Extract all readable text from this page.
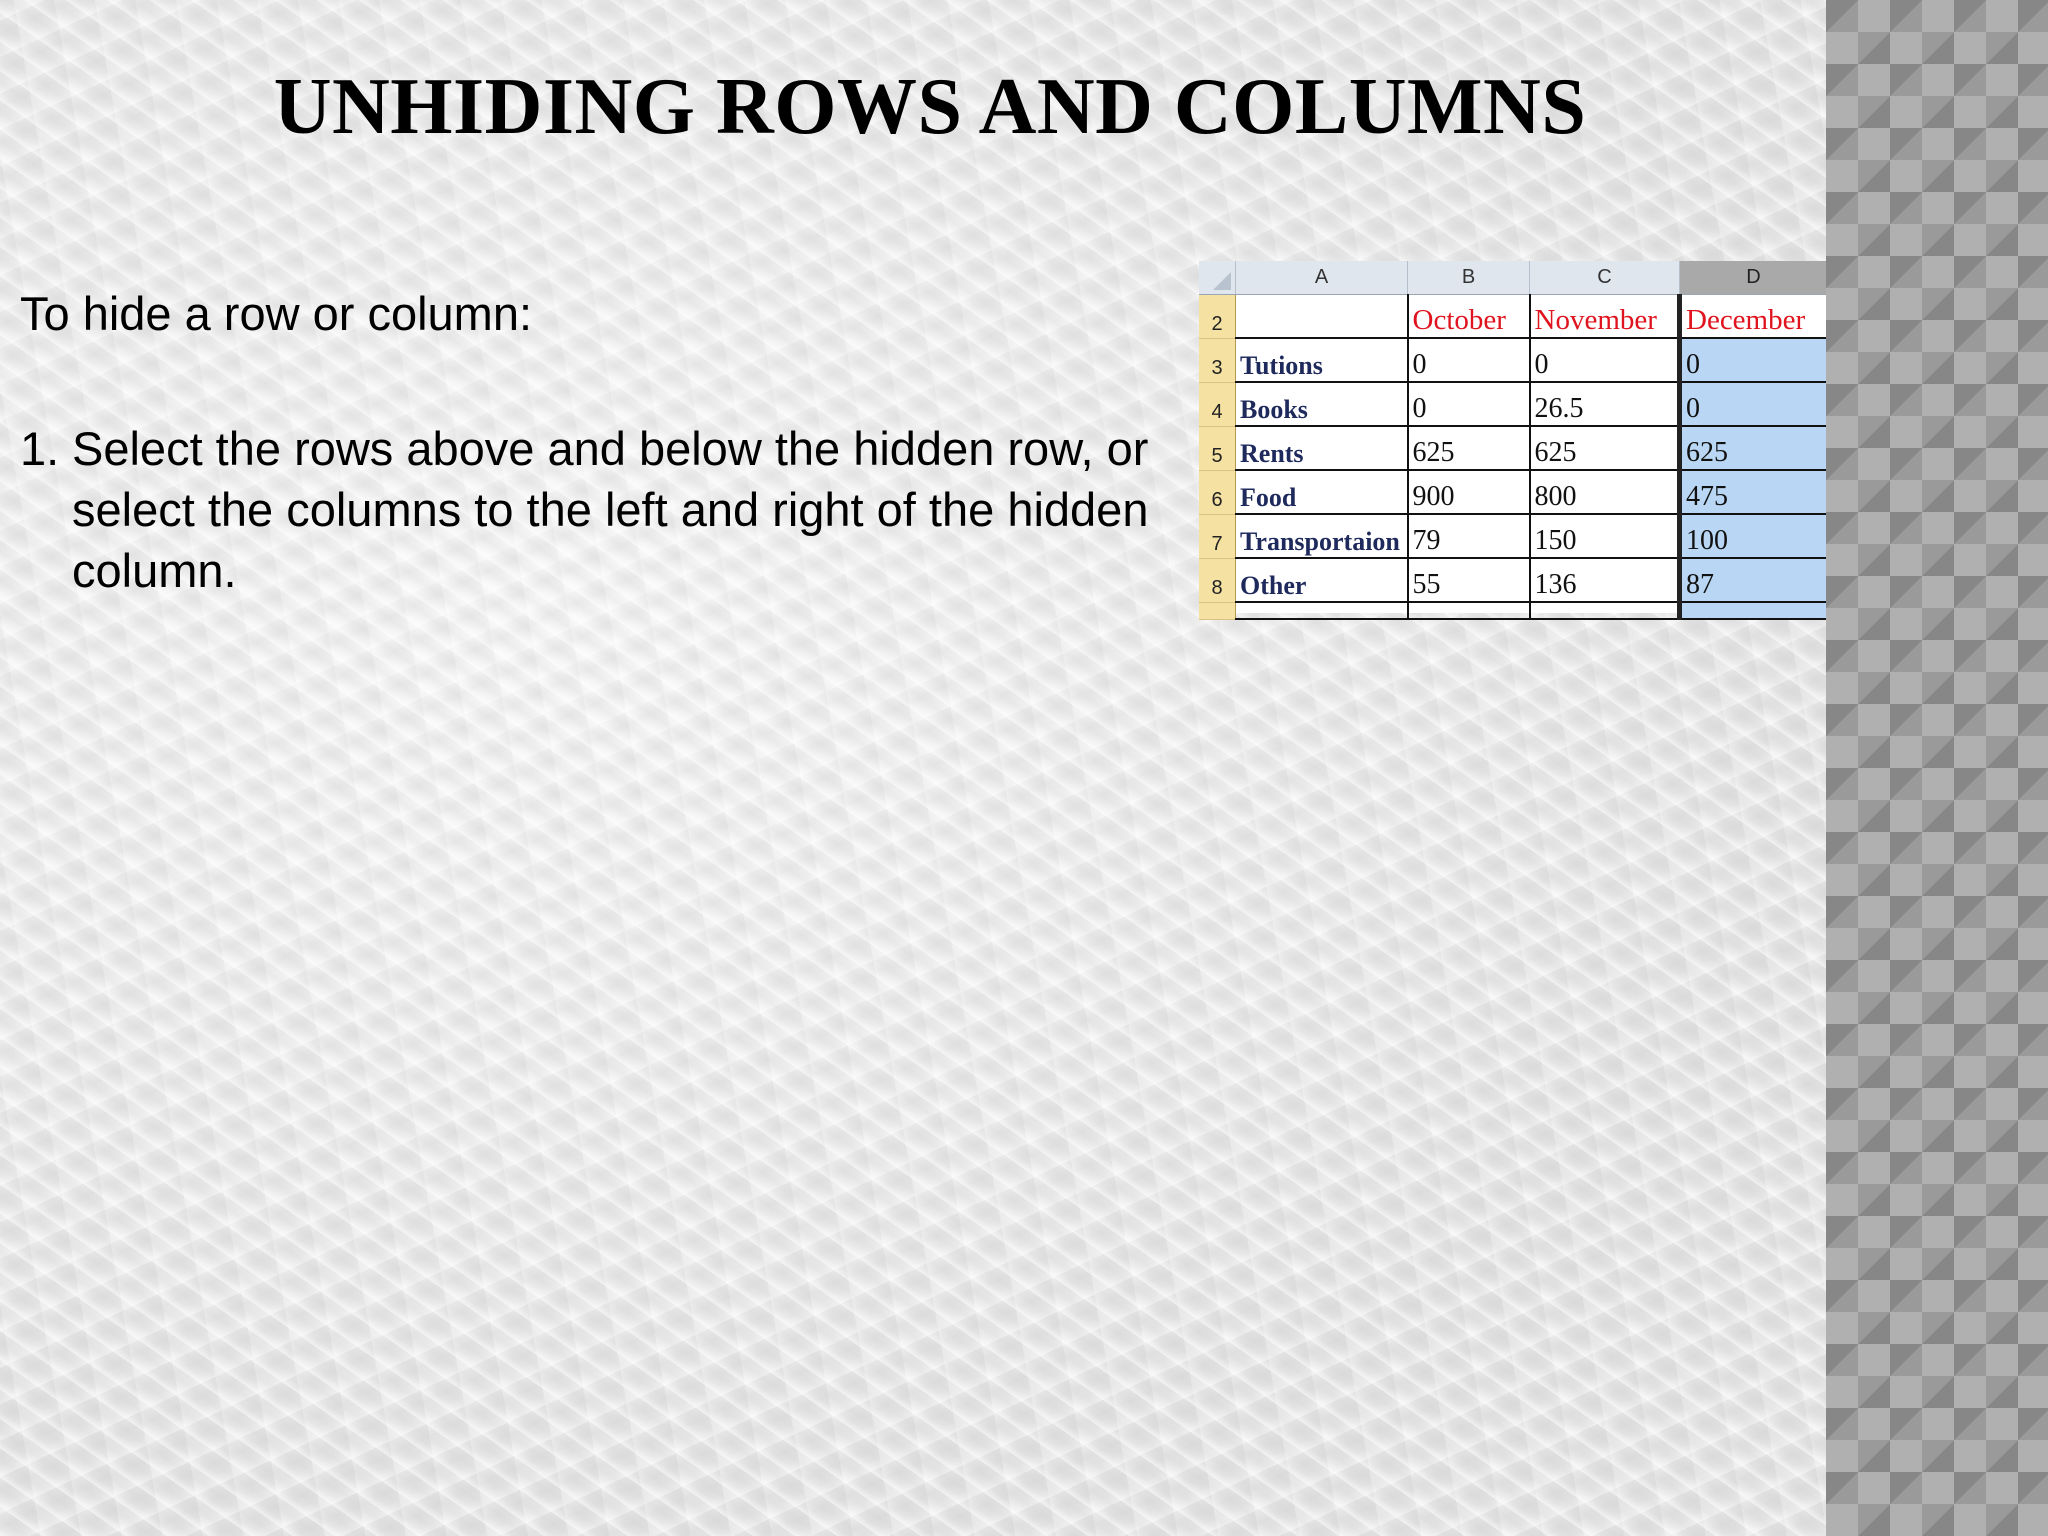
UNHIDING ROWS AND COLUMNS

To hide a row or column:

1. Select the rows above and below the hidden row, or select the columns to the left and right of the hidden column.
	A	B	C	D	
2		October	November	December	
3	Tutions	0	0	0	
4	Books	0	26.5	0	
5	Rents	625	625	625	
6	Food	900	800	475	
7	Transportaion	79	150	100	
8	Other	55	136	87	
